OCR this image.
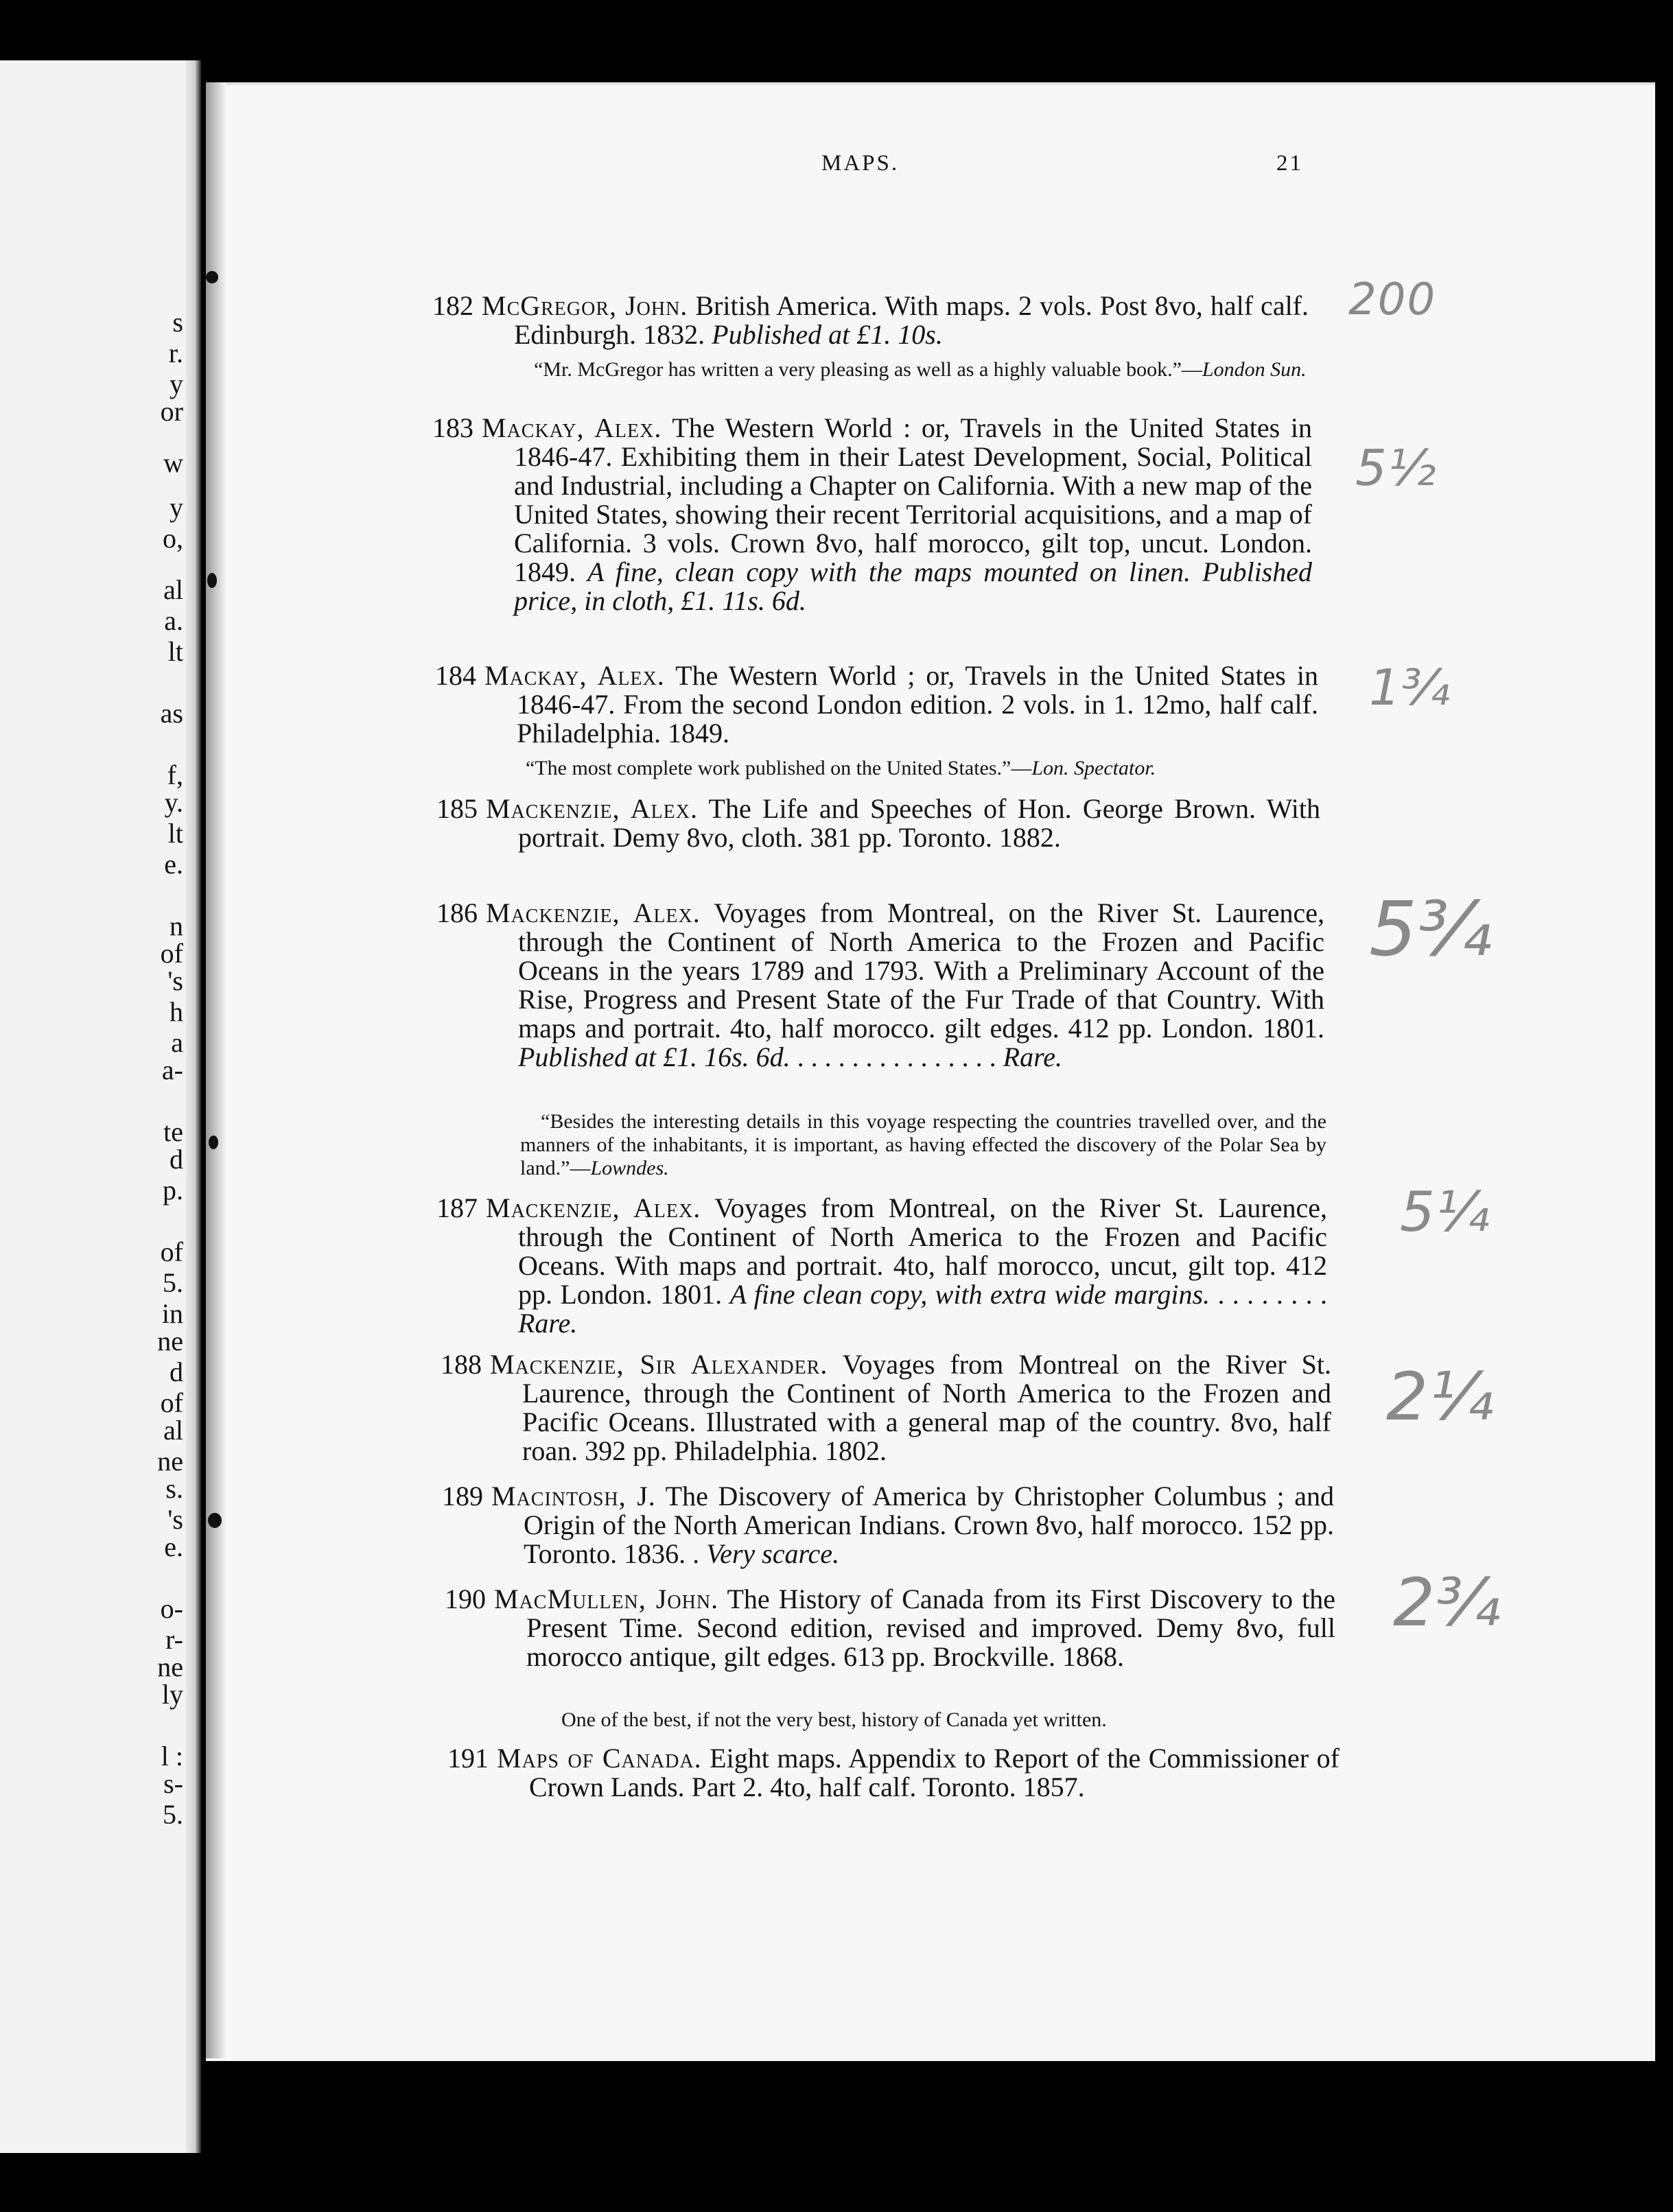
s
r.
y
or
w
y
o,
al
a.
lt
as
f,
y.
lt
e.
n
of
's
h
a
a-
te
d
p.
of
5.
in
ne
d
of
al
ne
s.
's
e.
o-
r-
ne
ly
l :
s-
5.
MAPS.	21
182 McGregor, John. British America. With maps. 2 vols. Post 8vo, half calf. Edinburgh. 1832. Published at £1. 10s.

“Mr. McGregor has written a very pleasing as well as a highly valuable book.”—London Sun.
183 Mackay, Alex. The Western World : or, Travels in the United States in 1846-47. Exhibiting them in their Latest Development, Social, Political and Industrial, including a Chapter on California. With a new map of the United States, showing their recent Territorial acquisitions, and a map of California. 3 vols. Crown 8vo, half morocco, gilt top, uncut. London. 1849. A fine, clean copy with the maps mounted on linen. Published price, in cloth, £1. 11s. 6d.

184 Mackay, Alex. The Western World ; or, Travels in the United States in 1846-47. From the second London edition. 2 vols. in 1. 12mo, half calf. Philadelphia. 1849.

“The most complete work published on the United States.”—Lon. Spectator.
185 Mackenzie, Alex. The Life and Speeches of Hon. George Brown. With portrait. Demy 8vo, cloth. 381 pp. Toronto. 1882.

186 Mackenzie, Alex. Voyages from Montreal, on the River St. Laurence, through the Continent of North America to the Frozen and Pacific Oceans in the years 1789 and 1793. With a Preliminary Account of the Rise, Progress and Present State of the Fur Trade of that Country. With maps and portrait. 4to, half morocco. gilt edges. 412 pp. London. 1801. Published at £1. 16s. 6d. . . . . . . . . . . . . . . . Rare.

“Besides the interesting details in this voyage respecting the countries travelled over, and the manners of the inhabitants, it is important, as having effected the discovery of the Polar Sea by land.”—Lowndes.
187 Mackenzie, Alex. Voyages from Montreal, on the River St. Laurence, through the Continent of North America to the Frozen and Pacific Oceans. With maps and portrait. 4to, half morocco, uncut, gilt top. 412 pp. London. 1801. A fine clean copy, with extra wide margins. . . . . . . . . Rare.

188 Mackenzie, Sir Alexander. Voyages from Montreal on the River St. Laurence, through the Continent of North America to the Frozen and Pacific Oceans. Illustrated with a general map of the country. 8vo, half roan. 392 pp. Philadelphia. 1802.

189 Macintosh, J. The Discovery of America by Christopher Columbus ; and Origin of the North American Indians. Crown 8vo, half morocco. 152 pp. Toronto. 1836. . Very scarce.

190 MacMullen, John. The History of Canada from its First Discovery to the Present Time. Second edition, revised and improved. Demy 8vo, full morocco antique, gilt edges. 613 pp. Brockville. 1868.

One of the best, if not the very best, history of Canada yet written.
191 Maps of Canada. Eight maps. Appendix to Report of the Commissioner of Crown Lands. Part 2. 4to, half calf. Toronto. 1857.

200
5½
1¾
5¾
5¼
2¼
2¾
